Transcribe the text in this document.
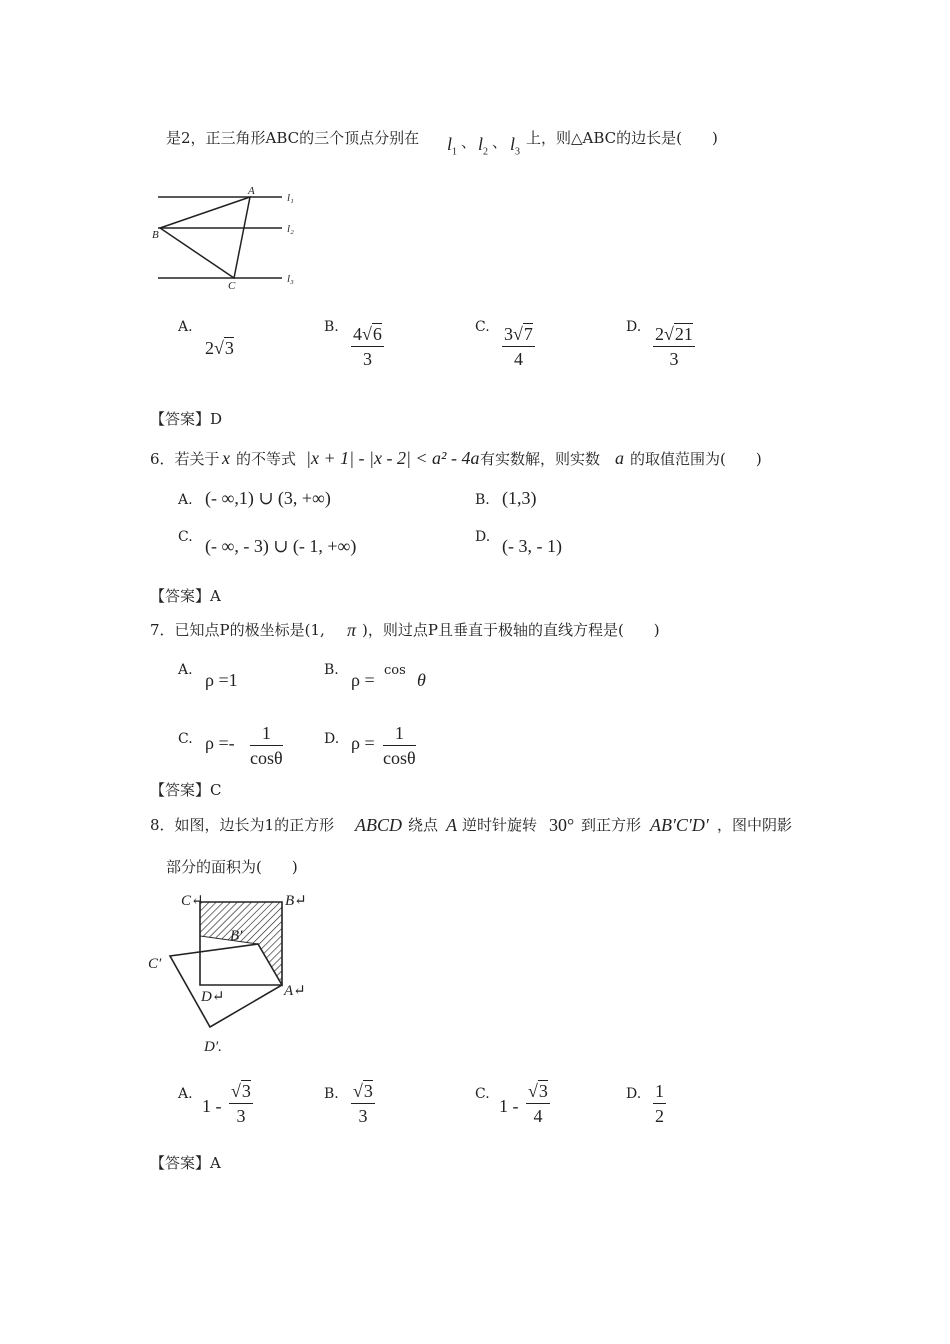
是2，正三角形ABC的三个顶点分别在 $l_1$
、 $l_2$
、 $l_3$
上，则△ABC的边长是(　　)
A
B
C
l₁
l₂
l₃
A.
2√3
B. $\frac{4√6}{3}$	C. $\frac{3√7}{4}$	D. $\frac{2√21}{3}$
【答案】D
6．若关于 x 的不等式 |x + 1| - |x - 2| < a² - 4a 有实数解，则实数 a 的取值范围为(　　)
A. (- ∞,1) ∪ (3, +∞)	B. (1,3)
C. (- ∞, - 3) ∪ (- 1, +∞)	D. (- 3, - 1)
【答案】A
7．已知点P的极坐标是(1, π )，则过点P且垂直于极轴的直线方程是(　　)
A. ρ =1	B. ρ = cos θ
C. $\rho =- \frac{1}{\cos\theta}$	D. $\rho = \frac{1}{\cos\theta}$
【答案】C
8．如图，边长为1的正方形 ABCD 绕点 A 逆时针旋转 30° 到正方形 AB′C′D′ ，图中阴影
部分的面积为(　　)
C↵	B↵
B′
C′
D↵	A↵
D′.
A.
$1 - \frac{√3}{3}$	B. $\frac{√3}{3}$	C.
$1 - \frac{√3}{4}$	D. $\frac{1}{2}$
【答案】A
